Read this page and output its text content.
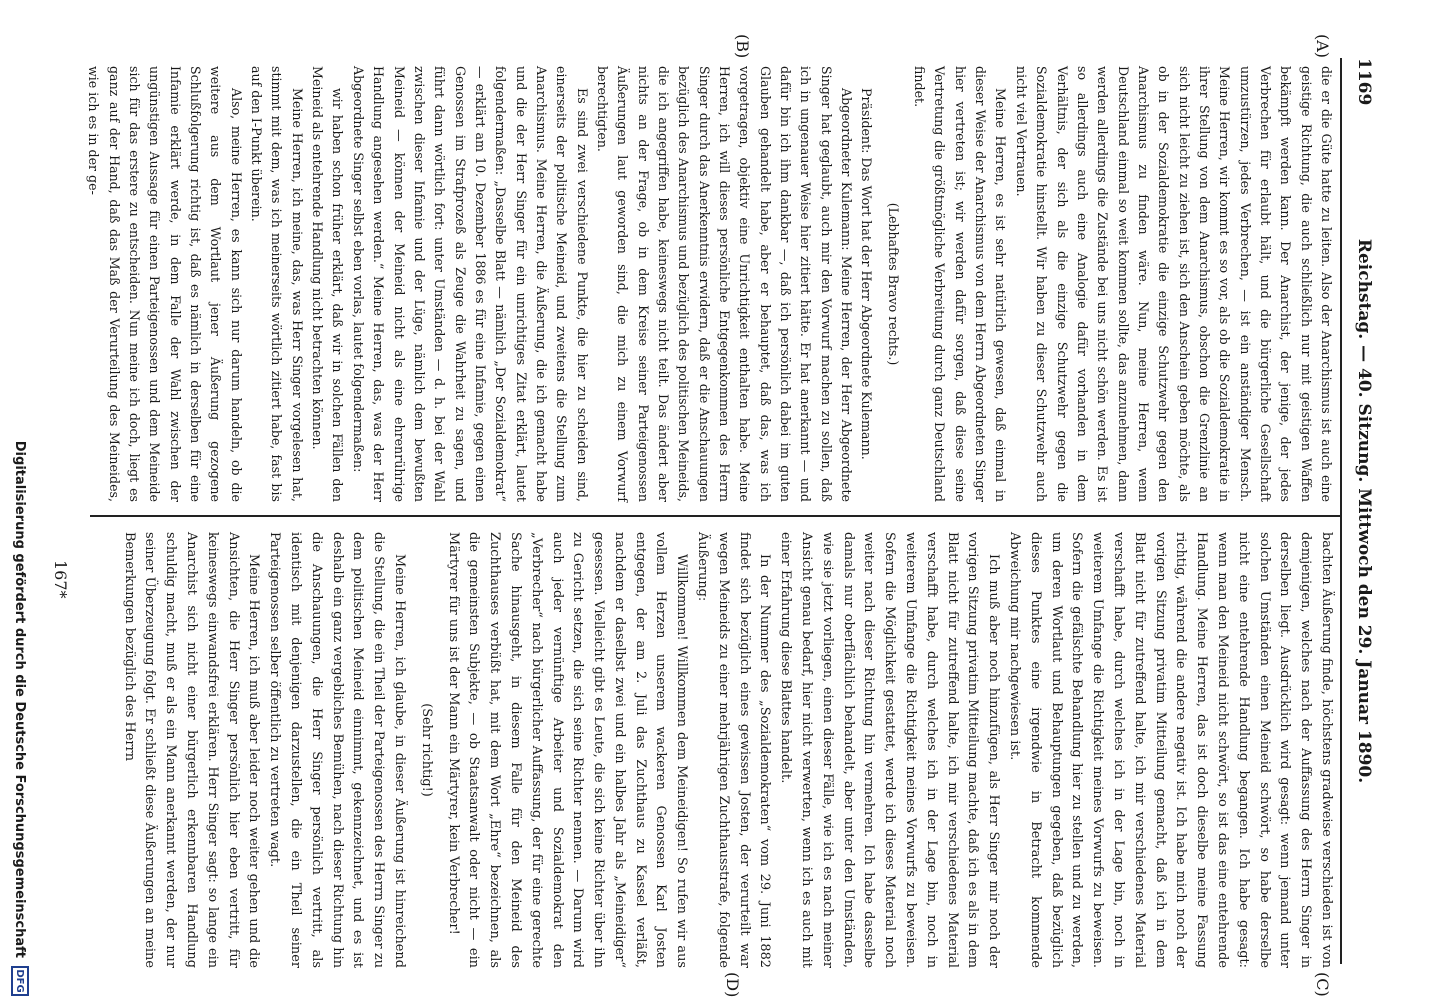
1169
Reichstag. — 40. Sitzung. Mittwoch den 29. Januar 1890.
(A)
(B)
(C)
(D)

die er die Güte hatte zu leiten. Also der Anarchismus ist auch eine geistige Richtung, die auch schließlich nur mit geistigen Waffen bekämpft werden kann. Der Anarchist, der jenige, der jedes Verbrechen für erlaubt hält, und die bürgerliche Gesellschaft umzustürzen, jedes Verbrechen, — ist ein anständiger Mensch. Meine Herren, wir kommt es so vor, als ob die Sozialdemokratie in ihrer Stellung von dem Anarchismus, obschon die Grenzlinie an sich nicht leicht zu ziehen ist, sich den Anschein geben möchte, als ob in der Sozialdemokratie die einzige Schutzwehr gegen den Anarchismus zu finden wäre. Nun, meine Herren, wenn Deutschland einmal so weit kommen sollte, das anzunehmen, dann werden allerdings die Zustände bei uns nicht schön werden. Es ist so allerdings auch eine Analogie dafür vorhanden in dem Verhältnis, der sich als die einzige Schutzwehr gegen die Sozialdemokratie hinstellt. Wir haben zu dieser Schutzwehr auch nicht viel Vertrauen.

Meine Herren, es ist sehr natürlich gewesen, daß einmal in dieser Weise der Anarchismus von dem Herrn Abgeordneten Singer hier vertreten ist; wir werden dafür sorgen, daß diese seine Vertretung die größtmögliche Verbreitung durch ganz Deutschland findet.

(Lebhaftes Bravo rechts.)

Präsident: Das Wort hat der Herr Abgeordnete Kulemann.

Abgeordneter Kulemann: Meine Herren, der Herr Abgeordnete Singer hat geglaubt, auch mir den Vorwurf machen zu sollen, daß ich in ungenauer Weise hier zitiert hätte. Er hat anerkannt — und dafür bin ich ihm dankbar —, daß ich persönlich dabei im guten Glauben gehandelt habe, aber er behauptet, daß das, was ich vorgetragen, objektiv eine Unrichtigkeit enthalten habe. Meine Herren, ich will dieses persönliche Entgegenkommen des Herrn Singer durch das Anerkenntnis erwidern, daß er die Anschauungen bezüglich des Anarchismus und bezüglich des politischen Meineids, die ich angegriffen habe, keineswegs nicht teilt. Das ändert aber nichts an der Frage, ob in dem Kreise seiner Parteigenossen Äußerungen laut geworden sind, die mich zu einem Vorwurf berechtigten.

Es sind zwei verschiedene Punkte, die hier zu scheiden sind, einerseits der politische Meineid, und zweitens die Stellung zum Anarchismus. Meine Herren, die Äußerung, die ich gemacht habe und die der Herr Singer für ein unrichtiges Zitat erklärt, lautet folgendermaßen: „Dasselbe Blatt — nämlich „Der Sozialdemokrat“ — erklärt am 10. Dezember 1886 es für eine Infamie, gegen einen Genossen im Strafprozeß als Zeuge die Wahrheit zu sagen, und führt dann wörtlich fort: unter Umständen — d. h. bei der Wahl zwischen dieser Infamie und der Lüge, nämlich dem bewußten Meineid — können der Meineid nicht als eine ehrenrührige Handlung angesehen werden.“ Meine Herren, das, was der Herr Abgeordnete Singer selbst eben vorlas, lautet folgendermaßen:

wir haben schon früher erklärt, daß wir in solchen Fällen den Meineid als entehrende Handlung nicht betrachten können.

Meine Herren, ich meine, das, was Herr Singer vorgelesen hat, stimmt mit dem, was ich meinerseits wörtlich zitiert habe, fast bis auf den I-Punkt überein.

Also, meine Herren, es kann sich nur darum handeln, ob die weitere aus dem Wortlaut jener Äußerung gezogene Schlußfolgerung richtig ist, daß es nämlich in derselben für eine Infamie erklärt werde, in dem Falle der Wahl zwischen der ungünstigen Aussage für einen Parteigenossen und dem Meineide sich für das erstere zu entscheiden. Nun meine ich doch, liegt es ganz auf der Hand, daß das Maß der Verurteilung des Meineides, wie ich es in der ge-

bachten Äußerung finde, höchstens gradweise verschieden ist von demjenigen, welches nach der Auffassung des Herrn Singer in derselben liegt. Ausdrücklich wird gesagt: wenn jemand unter solchen Umständen einen Meineid schwört, so habe derselbe nicht eine entehrende Handlung begangen. Ich habe gesagt: wenn man den Meineid nicht schwört, so ist das eine entehrende Handlung. Meine Herren, das ist doch dieselbe meine Fassung richtig, während die andere negativ ist. Ich habe mich noch der vorigen Sitzung privatim Mitteilung gemacht, daß ich in dem Blatt nicht für zutreffend halte, ich mir verschiedenes Material verschafft habe, durch welches ich in der Lage bin, noch in weiterem Umfange die Richtigkeit meines Vorwurfs zu beweisen. Sofern die gefälschte Behandlung hier zu stellen und zu werden, um deren Wortlaut und Behauptungen gegeben, daß bezüglich dieses Punktes eine irgendwie in Betracht kommende Abweichung mir nachgewiesen ist.

Ich muß aber noch hinzufügen, als Herr Singer mir noch der vorigen Sitzung privatim Mitteilung machte, daß ich es als in dem Blatt nicht für zutreffend halte, ich mir verschiedenes Material verschafft habe, durch welches ich in der Lage bin, noch in weiterem Umfange die Richtigkeit meines Vorwurfs zu beweisen. Sofern die Möglichkeit gestattet, werde ich dieses Material noch weiter nach dieser Richtung hin vermehren. Ich habe dasselbe damals nur oberflächlich behandelt, aber unter den Umständen, wie sie jetzt vorliegen, einen dieser Fälle, wie ich es nach meiner Ansicht genau bedarf, hier nicht verwerten, wenn ich es auch mit einer Erfahrung diese Blattes handelt.

In der Nummer des „Sozialdemokraten“ vom 29. Juni 1882 findet sich bezüglich eines gewissen Josten, der verurteilt war wegen Meineids zu einer mehrjährigen Zuchthausstrafe, folgende Äußerung:

Willkommen! Willkommen dem Meineidigen! So rufen wir aus vollem Herzen unserem wackeren Genossen Karl Josten entgegen, der am 2. Juli das Zuchthaus zu Kassel verläßt, nachdem er daselbst zwei und ein halbes Jahr als „Meineidiger“ gesessen. Vielleicht gibt es Leute, die sich keine Richter über ihn zu Gericht setzen, die sich seine Richter nennen. — Darum wird auch jeder vernünftige Arbeiter und Sozialdemokrat den „Verbrecher“ nach bürgerlicher Auffassung, der für eine gerechte Sache hinausgeht, in diesem Falle für den Meineid des Zuchthauses verbüßt hat, mit dem Wort „Ehre“ bezeichnen, als die gemeinsten Subjekte, — ob Staatsanwalt oder nicht — ein Märtyrer für uns ist der Mann ein Märtyrer, kein Verbrecher!

(Sehr richtig!)

Meine Herren, ich glaube, in dieser Äußerung ist hinreichend die Stellung, die ein Theil der Parteigenossen des Herrn Singer zu dem politischen Meineid einnimmt, gekennzeichnet, und es ist deshalb ein ganz vergebliches Bemühen, nach dieser Richtung hin die Anschauungen, die Herr Singer persönlich vertritt, als identisch mit denjenigen darzustellen, die ein Theil seiner Parteigenossen selber öffentlich zu vertreten wagt.

Meine Herren, ich muß aber leider noch weiter gehen und die Ansichten, die Herr Singer persönlich hier eben vertritt, für keineswegs einwandsfrei erklären. Herr Singer sagt: so lange ein Anarchist sich nicht einer bürgerlich erkennbaren Handlung schuldig macht, muß er als ein Mann anerkannt werden, der nur seiner Überzeugung folgt. Er schließt diese Äußerungen an meine Bemerkungen bezüglich des Herrn

167*
Digitalisierung gefördert durch die Deutsche Forschungsgemeinschaft
DFG
